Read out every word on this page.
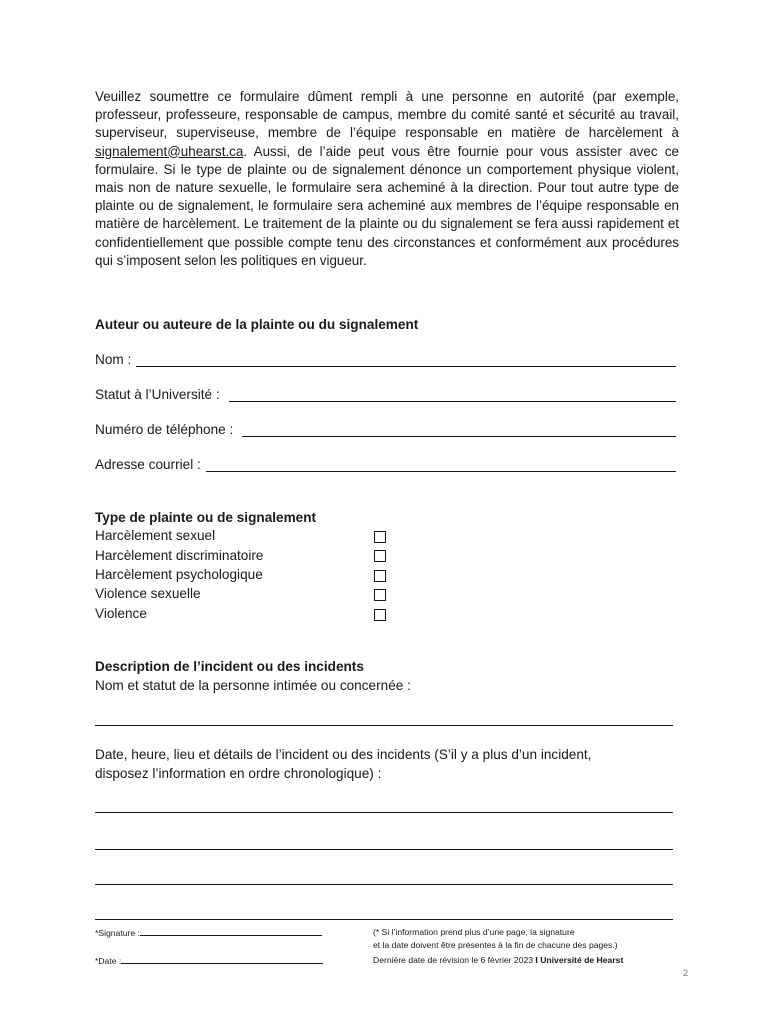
Veuillez soumettre ce formulaire dûment rempli à une personne en autorité (par exemple, professeur, professeure, responsable de campus, membre du comité santé et sécurité au travail, superviseur, superviseuse, membre de l’équipe responsable en matière de harcèlement à signalement@uhearst.ca. Aussi, de l’aide peut vous être fournie pour vous assister avec ce formulaire. Si le type de plainte ou de signalement dénonce un comportement physique violent, mais non de nature sexuelle, le formulaire sera acheminé à la direction. Pour tout autre type de plainte ou de signalement, le formulaire sera acheminé aux membres de l’équipe responsable en matière de harcèlement. Le traitement de la plainte ou du signalement se fera aussi rapidement et confidentiellement que possible compte tenu des circonstances et conformément aux procédures qui s’imposent selon les politiques en vigueur.

Auteur ou auteure de la plainte ou du signalement
Nom :
Statut à l’Université :
Numéro de téléphone :
Adresse courriel :
Type de plainte ou de signalement
Harcèlement sexuel
Harcèlement discriminatoire
Harcèlement psychologique
Violence sexuelle
Violence
Description de l’incident ou des incidents
Nom et statut de la personne intimée ou concernée :
Date, heure, lieu et détails de l’incident ou des incidents (S’il y a plus d’un incident,
disposez l’information en ordre chronologique) :
*Signature :
*Date :
(* Si l’information prend plus d’une page, la signature
et la date doivent être présentes à la fin de chacune des pages.)
Dernière date de révision le 6 février 2023 I Université de Hearst
2
